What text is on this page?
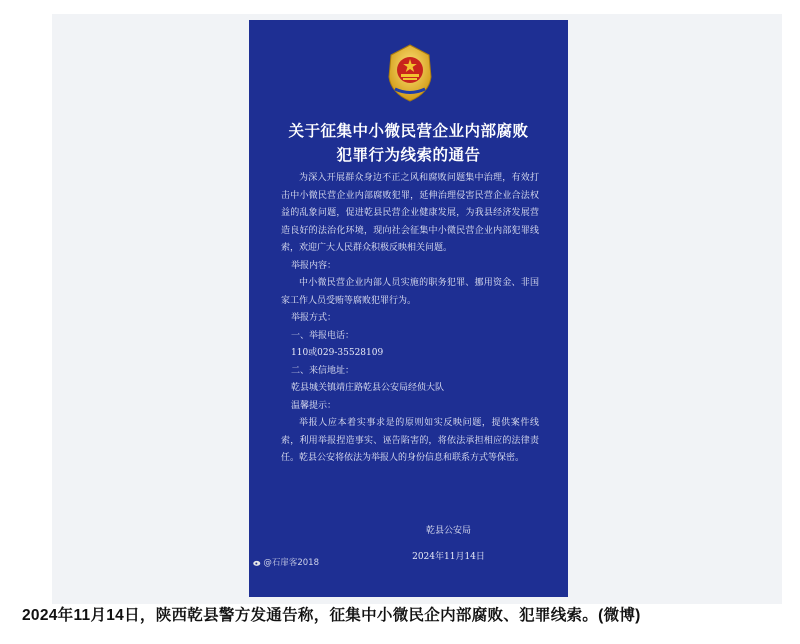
关于征集中小微民营企业内部腐败
犯罪行为线索的通告

为深入开展群众身边不正之风和腐败问题集中治理，有效打击中小微民营企业内部腐败犯罪，延伸治理侵害民营企业合法权益的乱象问题，促进乾县民营企业健康发展，为我县经济发展营造良好的法治化环境，现向社会征集中小微民营企业内部犯罪线索，欢迎广大人民群众积极反映相关问题。

举报内容：

中小微民营企业内部人员实施的职务犯罪、挪用资金、非国家工作人员受贿等腐败犯罪行为。

举报方式：

一、举报电话：

110或029-35528109

二、来信地址：

乾县城关镇靖庄路乾县公安局经侦大队

温馨提示：

举报人应本着实事求是的原则如实反映问题，提供案件线索，利用举报捏造事实、诬告陷害的，将依法承担相应的法律责任。乾县公安将依法为举报人的身份信息和联系方式等保密。

乾县公安局
2024年11月14日
@石扉客2018
2024年11月14日，陕西乾县警方发通告称，征集中小微民企内部腐败、犯罪线索。(微博)
